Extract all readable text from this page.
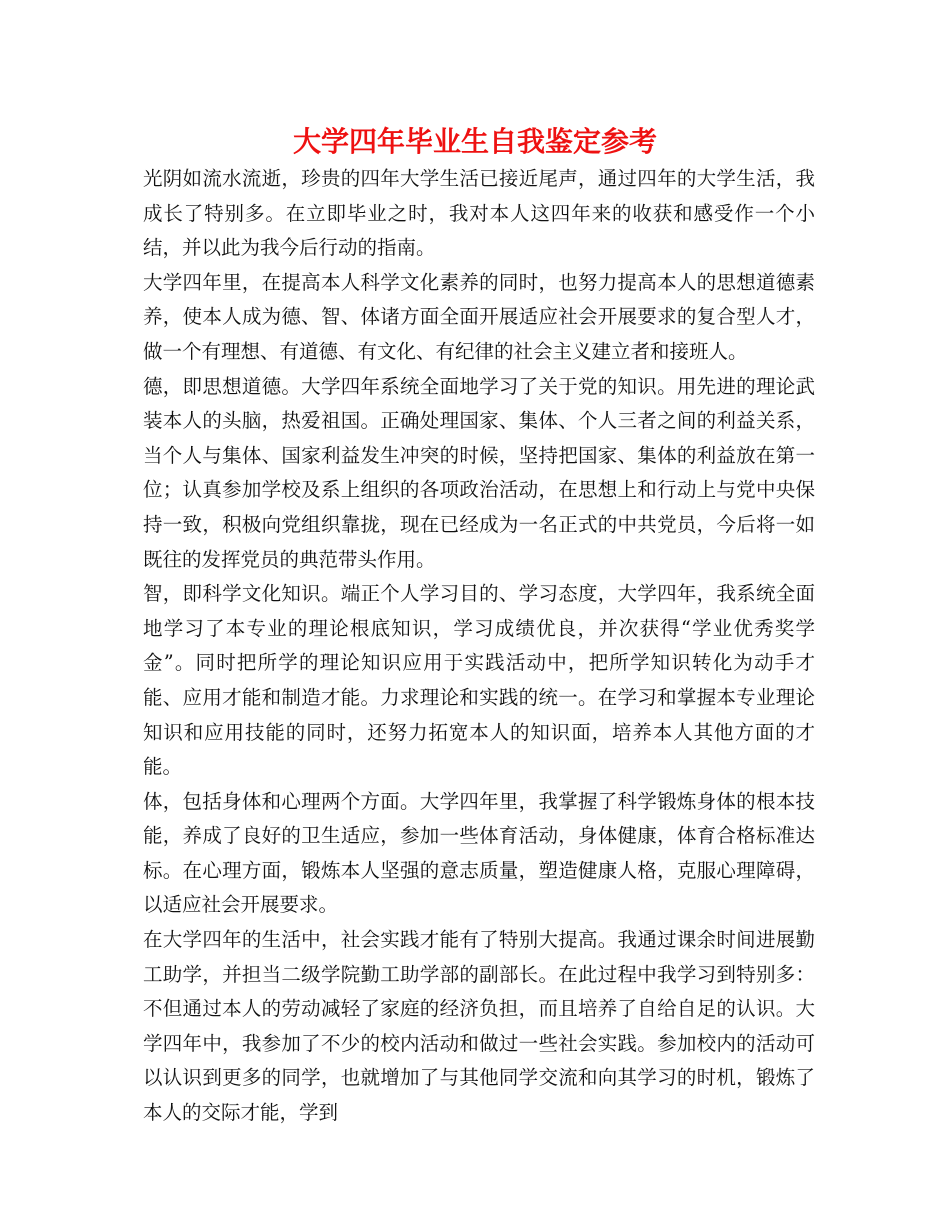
大学四年毕业生自我鉴定参考

光阴如流水流逝，珍贵的四年大学生活已接近尾声，通过四年的大学生活，我成长了特别多。在立即毕业之时，我对本人这四年来的收获和感受作一个小结，并以此为我今后行动的指南。

大学四年里，在提高本人科学文化素养的同时，也努力提高本人的思想道德素养，使本人成为德、智、体诸方面全面开展适应社会开展要求的复合型人才，做一个有理想、有道德、有文化、有纪律的社会主义建立者和接班人。

德，即思想道德。大学四年系统全面地学习了关于党的知识。用先进的理论武装本人的头脑，热爱祖国。正确处理国家、集体、个人三者之间的利益关系，当个人与集体、国家利益发生冲突的时候，坚持把国家、集体的利益放在第一位；认真参加学校及系上组织的各项政治活动，在思想上和行动上与党中央保持一致，积极向党组织靠拢，现在已经成为一名正式的中共党员，今后将一如既往的发挥党员的典范带头作用。

智，即科学文化知识。端正个人学习目的、学习态度，大学四年，我系统全面地学习了本专业的理论根底知识，学习成绩优良，并次获得“学业优秀奖学金”。同时把所学的理论知识应用于实践活动中，把所学知识转化为动手才能、应用才能和制造才能。力求理论和实践的统一。在学习和掌握本专业理论知识和应用技能的同时，还努力拓宽本人的知识面，培养本人其他方面的才能。

体，包括身体和心理两个方面。大学四年里，我掌握了科学锻炼身体的根本技能，养成了良好的卫生适应，参加一些体育活动，身体健康，体育合格标准达标。在心理方面，锻炼本人坚强的意志质量，塑造健康人格，克服心理障碍，以适应社会开展要求。

在大学四年的生活中，社会实践才能有了特别大提高。我通过课余时间进展勤工助学，并担当二级学院勤工助学部的副部长。在此过程中我学习到特别多：不但通过本人的劳动减轻了家庭的经济负担，而且培养了自给自足的认识。大学四年中，我参加了不少的校内活动和做过一些社会实践。参加校内的活动可以认识到更多的同学，也就增加了与其他同学交流和向其学习的时机，锻炼了本人的交际才能，学到
